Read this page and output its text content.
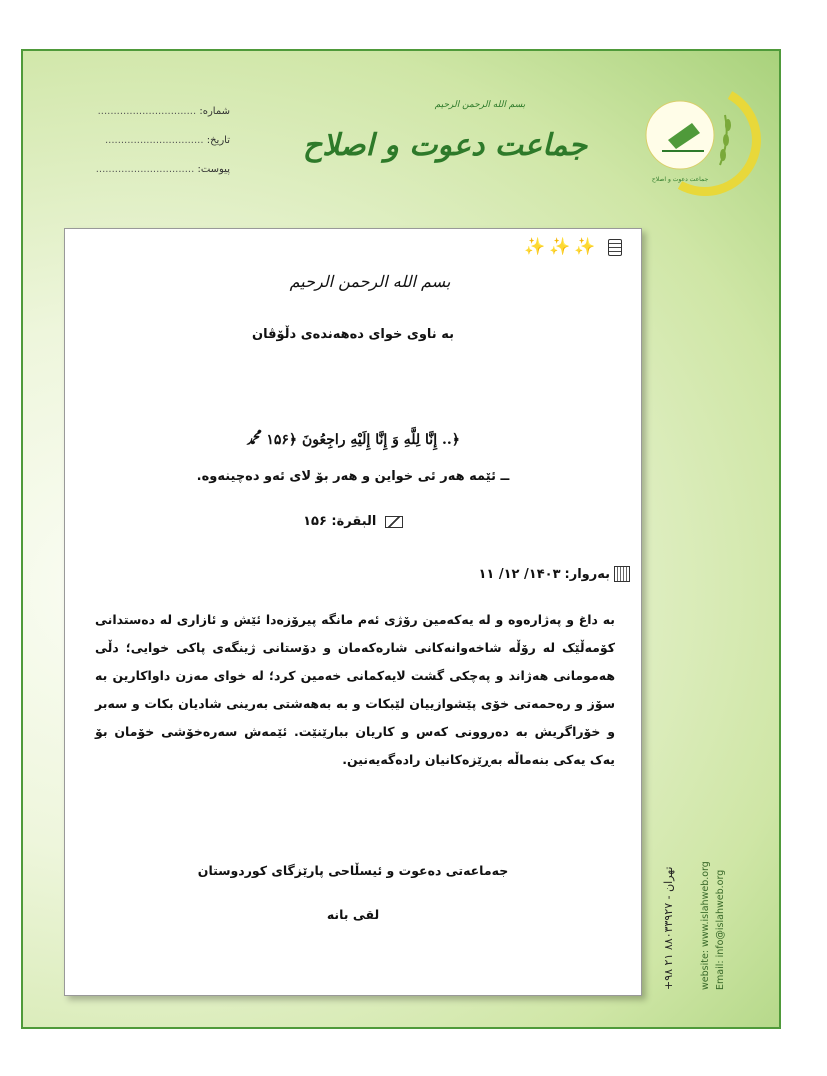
شماره: ...............................
تاریخ: ...............................
پیوست: ...............................
بسم الله الرحمن الرحیم
جماعت دعوت و اصلاح
جماعت دعوت و اصلاح
✨ ✨ ✨
بسم الله الرحمن الرحيم
بە ناوی خوای دەهەندەی دڵۆڤان
﴿.. إِنَّا لِلَّهِ وَ إِنَّا إِلَيْهِ راجِعُونَ ﴿۱۵۶ ﷴ
ــ ئێمە هەر ئی خواین و هەر بۆ لای ئەو دەچینەوە.
البقرة: ۱۵۶
بەروار:
۱۴۰۳/ ۱۲/ ۱۱
بە داغ و پەژارەوە و لە یەکەمین رۆژی ئەم مانگە پیرۆزەدا ئێش و ئازاری لە دەستدانی کۆمەڵێک لە رۆڵە شاخەوانەکانی شارەکەمان و دۆستانی ژینگەی پاکی خوایی؛ دڵی هەمومانی هەژاند و پەچکی گشت لایەکمانی خەمین کرد؛ لە خوای مەزن داواکارین بە سۆز و رەحمەتی خۆی پێشوازییان لێبکات و بە بەهەشتی بەرینی شادیان بکات و سەبر و خۆراگریش بە دەروونی کەس و کاریان ببارێنێت. ئێمەش سەرەخۆشی خۆمان بۆ یەک یەکی بنەماڵە بەڕێزەکانیان رادەگەیەنین.
جەماعەتی دەعوت و ئیسڵاحی پارێزگای کوردوستان
لقی بانە
تهران - ۸۸۰۳۳۹۲۷ ۲۱ ۹۸+
website: www.islahweb.org
Email: info@islahweb.org
